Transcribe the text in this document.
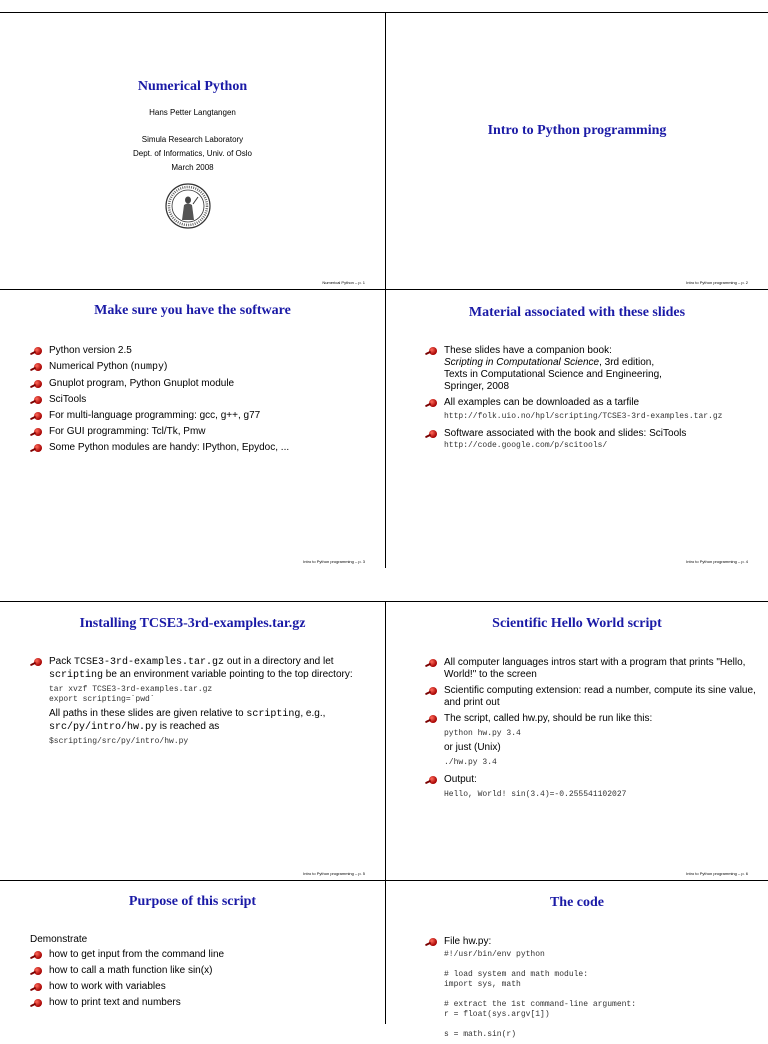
Numerical Python
Hans Petter Langtangen
Simula Research Laboratory
Dept. of Informatics, Univ. of Oslo
March 2008
Numerical Python – p. 1
Intro to Python programming
Intro to Python programming – p. 2
Make sure you have the software
Python version 2.5
Numerical Python (numpy)
Gnuplot program, Python Gnuplot module
SciTools
For multi-language programming: gcc, g++, g77
For GUI programming: Tcl/Tk, Pmw
Some Python modules are handy: IPython, Epydoc, ...
Intro to Python programming – p. 3
Material associated with these slides
These slides have a companion book:
Scripting in Computational Science, 3rd edition,
Texts in Computational Science and Engineering,
Springer, 2008
All examples can be downloaded as a tarfile
http://folk.uio.no/hpl/scripting/TCSE3-3rd-examples.tar.gz
Software associated with the book and slides: SciTools
http://code.google.com/p/scitools/
Intro to Python programming – p. 4
Installing TCSE3-3rd-examples.tar.gz
Pack TCSE3-3rd-examples.tar.gz out in a directory and let
scripting be an environment variable pointing to the top directory:
tar xvzf TCSE3-3rd-examples.tar.gz
export scripting=`pwd`
All paths in these slides are given relative to scripting, e.g.,
src/py/intro/hw.py is reached as
$scripting/src/py/intro/hw.py
Intro to Python programming – p. 5
Scientific Hello World script
All computer languages intros start with a program that prints "Hello, World!" to the screen
Scientific computing extension: read a number, compute its sine value, and print out
The script, called hw.py, should be run like this:
python hw.py 3.4
or just (Unix)
./hw.py 3.4
Output:
Hello, World! sin(3.4)=-0.255541102027
Intro to Python programming – p. 6
Purpose of this script
Demonstrate
how to get input from the command line
how to call a math function like sin(x)
how to work with variables
how to print text and numbers
The code
File hw.py:
#!/usr/bin/env python

# load system and math module:
import sys, math

# extract the 1st command-line argument:
r = float(sys.argv[1])

s = math.sin(r)
